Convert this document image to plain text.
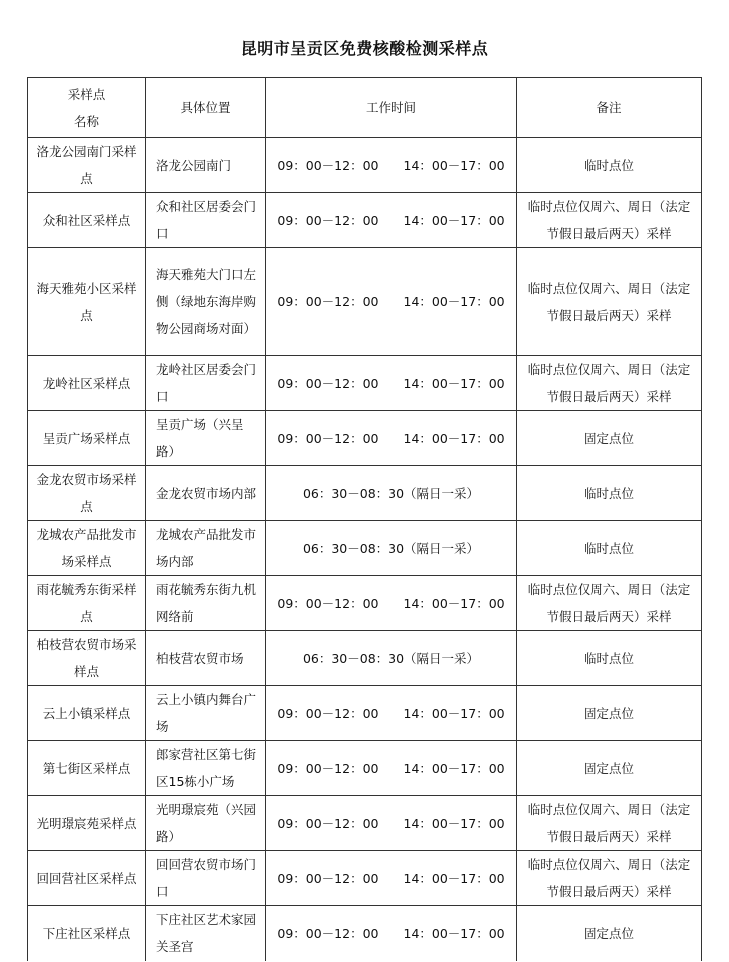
昆明市呈贡区免费核酸检测采样点
采样点
名称	具体位置	工作时间	备注
洛龙公园南门采样点	洛龙公园南门	09：00－12：00　　14：00－17：00	临时点位
众和社区采样点	众和社区居委会门口	09：00－12：00　　14：00－17：00	临时点位仅周六、周日（法定节假日最后两天）采样
海天雅苑小区采样点	海天雅苑大门口左侧（绿地东海岸购物公园商场对面）	09：00－12：00　　14：00－17：00	临时点位仅周六、周日（法定节假日最后两天）采样
龙岭社区采样点	龙岭社区居委会门口	09：00－12：00　　14：00－17：00	临时点位仅周六、周日（法定节假日最后两天）采样
呈贡广场采样点	呈贡广场（兴呈路）	09：00－12：00　　14：00－17：00	固定点位
金龙农贸市场采样点	金龙农贸市场内部	06：30－08：30（隔日一采）	临时点位
龙城农产品批发市场采样点	龙城农产品批发市场内部	06：30－08：30（隔日一采）	临时点位
雨花毓秀东街采样点	雨花毓秀东街九机网络前	09：00－12：00　　14：00－17：00	临时点位仅周六、周日（法定节假日最后两天）采样
柏枝营农贸市场采样点	柏枝营农贸市场	06：30－08：30（隔日一采）	临时点位
云上小镇采样点	云上小镇内舞台广场	09：00－12：00　　14：00－17：00	固定点位
第七街区采样点	郎家营社区第七街区15栋小广场	09：00－12：00　　14：00－17：00	固定点位
光明璟宸苑采样点	光明璟宸苑（兴园路）	09：00－12：00　　14：00－17：00	临时点位仅周六、周日（法定节假日最后两天）采样
回回营社区采样点	回回营农贸市场门口	09：00－12：00　　14：00－17：00	临时点位仅周六、周日（法定节假日最后两天）采样
下庄社区采样点	下庄社区艺术家园关圣宫	09：00－12：00　　14：00－17：00	固定点位
